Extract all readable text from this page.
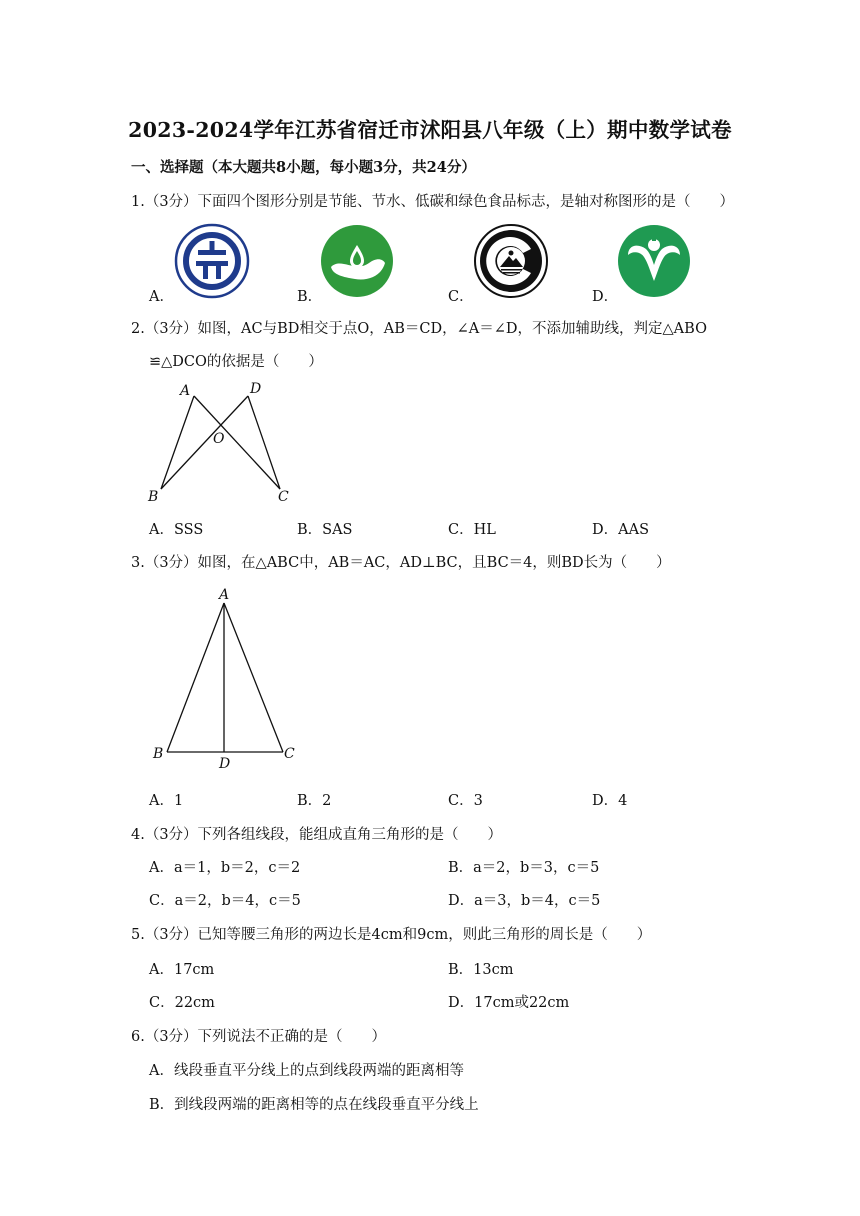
2023-2024学年江苏省宿迁市沭阳县八年级（上）期中数学试卷
一、选择题（本大题共8小题，每小题3分，共24分）
1.（3分）下面四个图形分别是节能、节水、低碳和绿色食品标志，是轴对称图形的是（　　）
A．	B．	C．	D．
2.（3分）如图，AC与BD相交于点O，AB＝CD，∠A＝∠D，不添加辅助线，判定△ABO
≌△DCO的依据是（　　）
A	D
O
B	C
A．SSS	B．SAS	C．HL	D．AAS
3.（3分）如图，在△ABC中，AB＝AC，AD⊥BC，且BC＝4，则BD长为（　　）
A
B	C
D
A．1	B．2	C．3	D．4
4.（3分）下列各组线段，能组成直角三角形的是（　　）
A．a＝1，b＝2，c＝2	B．a＝2，b＝3，c＝5
C．a＝2，b＝4，c＝5	D．a＝3，b＝4，c＝5
5.（3分）已知等腰三角形的两边长是4cm和9cm，则此三角形的周长是（　　）
A．17cm	B．13cm
C．22cm	D．17cm或22cm
6.（3分）下列说法不正确的是（　　）
A．线段垂直平分线上的点到线段两端的距离相等
B．到线段两端的距离相等的点在线段垂直平分线上
